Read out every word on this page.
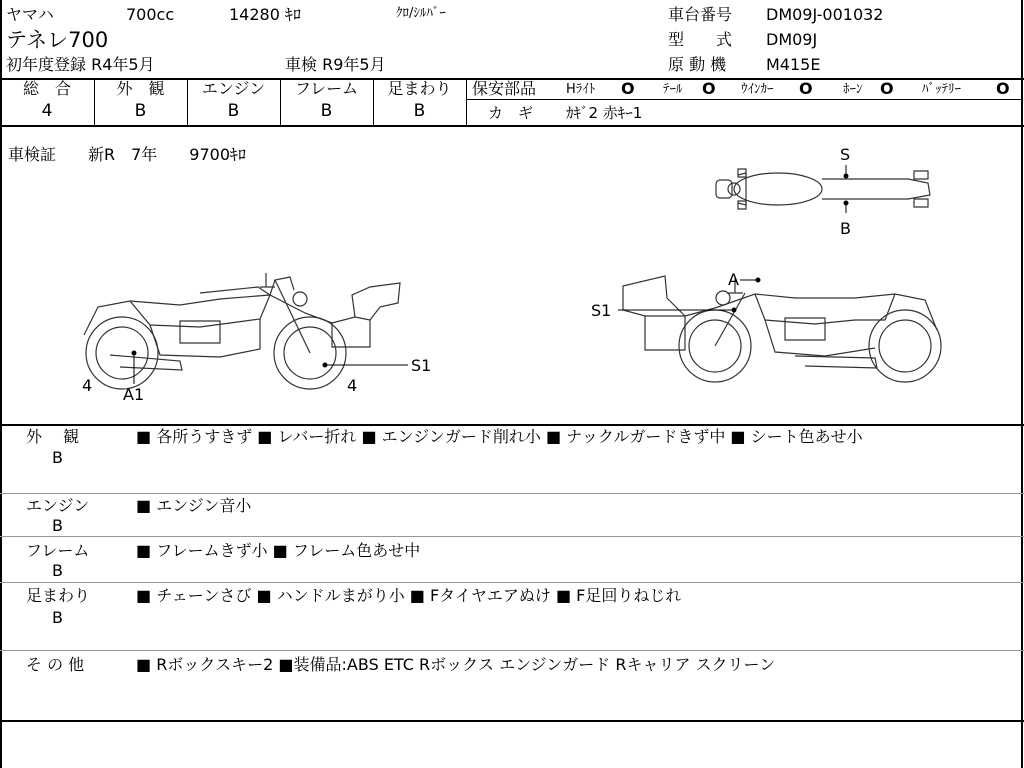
ヤマハ	700cc	14280 ｷﾛ	ｸﾛ/ｼﾙﾊﾞｰ
テネレ700
初年度登録 R4年5月	車検 R9年5月
車台番号 DM09J-001032
型　　式 DM09J
原 動 機 M415E
総　合	外　観	エンジン	フレーム	足まわり
4	B	B	B	B
保安部品 Hﾗｲﾄ O ﾃｰﾙ O ｳｲﾝｶｰ O ﾎｰﾝ O ﾊﾞｯﾃﾘｰ O
カ　ギ ｶｷﾞ2 赤ｷｰ1
車検証　　新R　7年　　9700ｷﾛ
4 A1
S1
4
S1
A
S
B
外　 観
B
■ 各所うすきず ■ レバー折れ ■ エンジンガード削れ小 ■ ナックルガードきず中 ■ シート色あせ小
エンジン
B
■ エンジン音小
フレーム
B
■ フレームきず小 ■ フレーム色あせ中
足まわり
B
■ チェーンさび ■ ハンドルまがり小 ■ Fタイヤエアぬけ ■ F足回りねじれ
そ の 他	■ Rボックスキー2 ■装備品:ABS ETC Rボックス エンジンガード Rキャリア スクリーン
